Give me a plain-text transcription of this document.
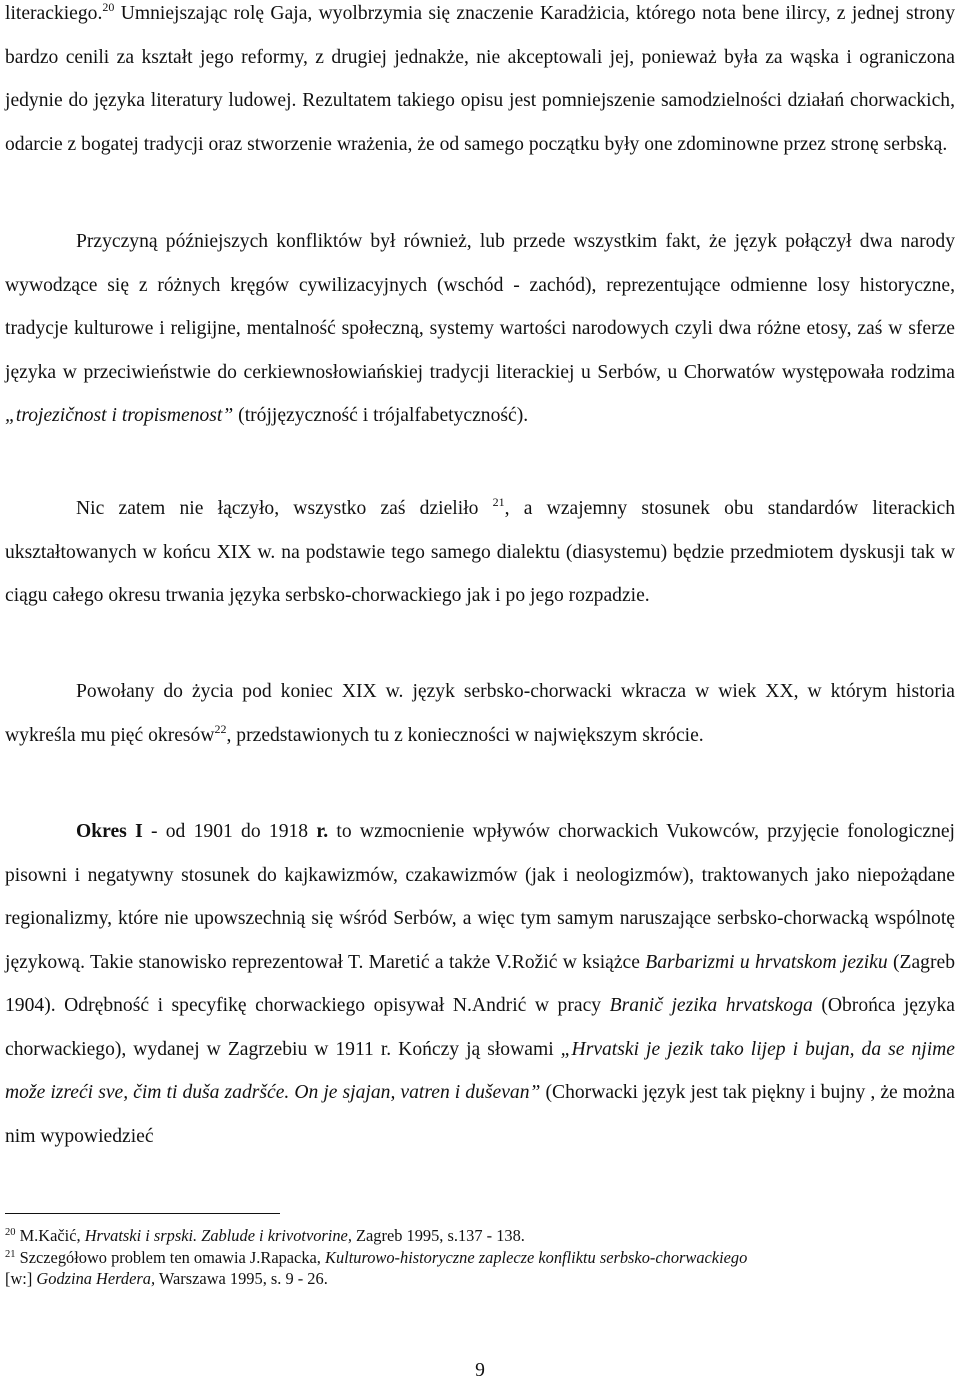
literackiego.$^{20}$ Umniejszając rolę Gaja, wyolbrzymia się znaczenie Karadżicia, którego nota bene ilircy, z jednej strony bardzo cenili za kształt jego reformy, z drugiej jednakże, nie akceptowali jej, ponieważ była za wąska i ograniczona jedynie do języka literatury ludowej. Rezultatem takiego opisu jest pomniejszenie samodzielności działań chorwackich, odarcie z bogatej tradycji oraz stworzenie wrażenia, że od samego początku były one zdominowne przez stronę serbską.

Przyczyną późniejszych konfliktów był również, lub przede wszystkim fakt, że język połączył dwa narody wywodzące się z różnych kręgów cywilizacyjnych (wschód - zachód), reprezentujące odmienne losy historyczne, tradycje kulturowe i religijne, mentalność społeczną, systemy wartości narodowych czyli dwa różne etosy, zaś w sferze języka w przeciwieństwie do cerkiewnosłowiańskiej tradycji literackiej u Serbów, u Chorwatów występowała rodzima „trojezičnost i tropismenost” (trójjęzyczność i trójalfabetyczność).

Nic zatem nie łączyło, wszystko zaś dzieliło $^{21}$, a wzajemny stosunek obu standardów literackich ukształtowanych w końcu XIX w. na podstawie tego samego dialektu (diasystemu) będzie przedmiotem dyskusji tak w ciągu całego okresu trwania języka serbsko-chorwackiego jak i po jego rozpadzie.

Powołany do życia pod koniec XIX w. język serbsko-chorwacki wkracza w wiek XX, w którym historia wykreśla mu pięć okresów$^{22}$, przedstawionych tu z konieczności w największym skrócie.

Okres I - od 1901 do 1918 r. to wzmocnienie wpływów chorwackich Vukowców, przyjęcie fonologicznej pisowni i negatywny stosunek do kajkawizmów, czakawizmów (jak i neologizmów), traktowanych jako niepożądane regionalizmy, które nie upowszechnią się wśród Serbów, a więc tym samym naruszające serbsko-chorwacką wspólnotę językową. Takie stanowisko reprezentował T. Maretić a także V.Rožić w książce Barbarizmi u hrvatskom jeziku (Zagreb 1904). Odrębność i specyfikę chorwackiego opisywał N.Andrić w pracy Branič jezika hrvatskoga (Obrońca języka chorwackiego), wydanej w Zagrzebiu w 1911 r. Kończy ją słowami „Hrvatski je jezik tako lijep i bujan, da se njime može izreći sve, čim ti duša zadršće. On je sjajan, vatren i duševan” (Chorwacki język jest tak piękny i bujny , że można nim wypowiedzieć

$^{20}$ M.Kačić, Hrvatski i srpski. Zablude i krivotvorine, Zagreb 1995, s.137 - 138.

$^{21}$ Szczegółowo problem ten omawia J.Rapacka, Kulturowo-historyczne zaplecze konfliktu serbsko-chorwackiego

[w:] Godzina Herdera, Warszawa 1995, s. 9 - 26.

9
